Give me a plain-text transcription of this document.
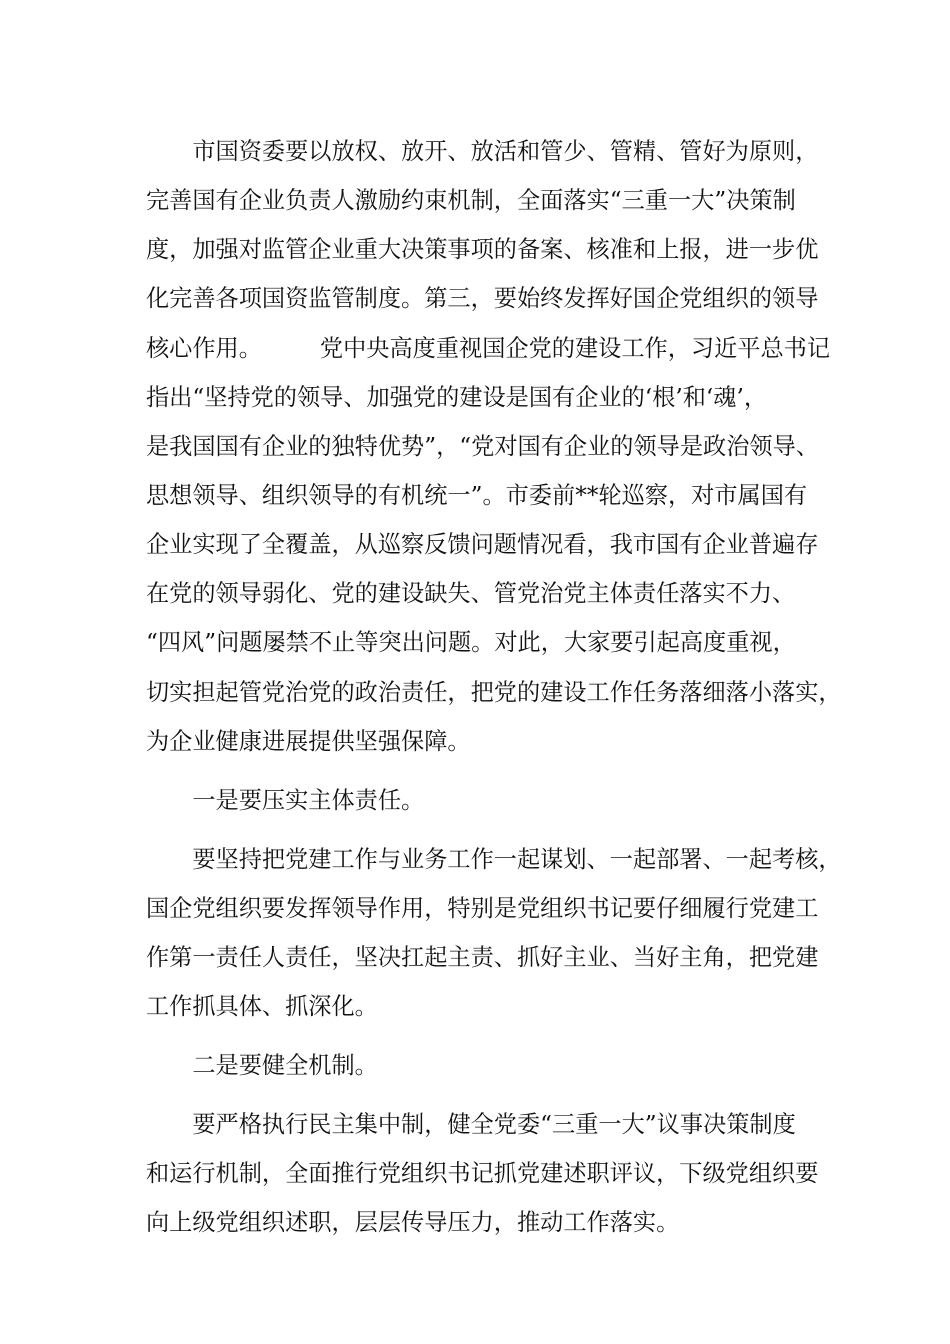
　　市国资委要以放权、放开、放活和管少、管精、管好为原则，
完善国有企业负责人激励约束机制，全面落实“三重一大”决策制
度，加强对监管企业重大决策事项的备案、核准和上报，进一步优
化完善各项国资监管制度。第三，要始终发挥好国企党组织的领导
核心作用。　　　党中央高度重视国企党的建设工作，习近平总书记
指出“坚持党的领导、加强党的建设是国有企业的‘根’和‘魂’，
是我国国有企业的独特优势”，“党对国有企业的领导是政治领导、
思想领导、组织领导的有机统一”。市委前**轮巡察，对市属国有
企业实现了全覆盖，从巡察反馈问题情况看，我市国有企业普遍存
在党的领导弱化、党的建设缺失、管党治党主体责任落实不力、
“四风”问题屡禁不止等突出问题。对此，大家要引起高度重视，
切实担起管党治党的政治责任，把党的建设工作任务落细落小落实，
为企业健康进展提供坚强保障。
　　一是要压实主体责任。
　　要坚持把党建工作与业务工作一起谋划、一起部署、一起考核，
国企党组织要发挥领导作用，特别是党组织书记要仔细履行党建工
作第一责任人责任，坚决扛起主责、抓好主业、当好主角，把党建
工作抓具体、抓深化。
　　二是要健全机制。
　　要严格执行民主集中制，健全党委“三重一大”议事决策制度
和运行机制，全面推行党组织书记抓党建述职评议，下级党组织要
向上级党组织述职，层层传导压力，推动工作落实。
